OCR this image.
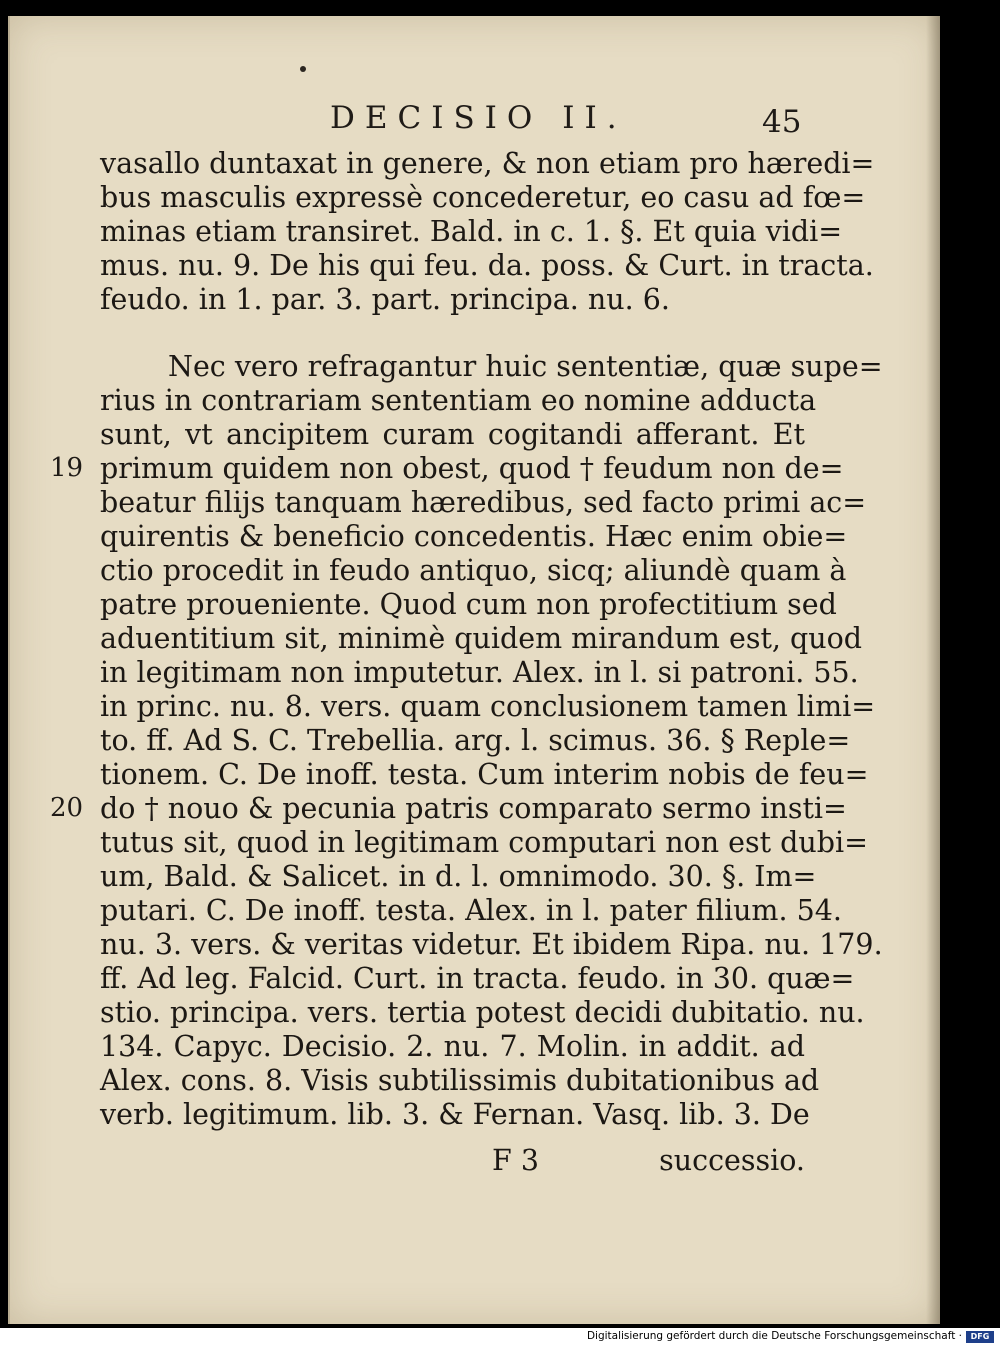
DECISIO II.	45
19
20
vasallo duntaxat in genere, & non etiam pro hæredi=
bus masculis expressè concederetur, eo casu ad fœ=
minas etiam transiret. Bald. in c. 1. §. Et quia vidi=
mus. nu. 9. De his qui feu. da. poss. & Curt. in tracta.
feudo. in 1. par. 3. part. principa. nu. 6.
Nec vero refragantur huic sententiæ, quæ supe=
rius in contrariam sententiam eo nomine adducta
sunt, vt ancipitem curam cogitandi afferant. Et
primum quidem non obest, quod † feudum non de=
beatur filijs tanquam hæredibus, sed facto primi ac=
quirentis & beneficio concedentis. Hæc enim obie=
ctio procedit in feudo antiquo, sicq; aliundè quam à
patre proueniente. Quod cum non profectitium sed
aduentitium sit, minimè quidem mirandum est, quod
in legitimam non imputetur. Alex. in l. si patroni. 55.
in princ. nu. 8. vers. quam conclusionem tamen limi=
to. ff. Ad S. C. Trebellia. arg. l. scimus. 36. § Reple=
tionem. C. De inoff. testa. Cum interim nobis de feu=
do † nouo & pecunia patris comparato sermo insti=
tutus sit, quod in legitimam computari non est dubi=
um, Bald. & Salicet. in d. l. omnimodo. 30. §. Im=
putari. C. De inoff. testa. Alex. in l. pater filium. 54.
nu. 3. vers. & veritas videtur. Et ibidem Ripa. nu. 179.
ff. Ad leg. Falcid. Curt. in tracta. feudo. in 30. quæ=
stio. principa. vers. tertia potest decidi dubitatio. nu.
134. Capyc. Decisio. 2. nu. 7. Molin. in addit. ad
Alex. cons. 8. Visis subtilissimis dubitationibus ad
verb. legitimum. lib. 3. & Fernan. Vasq. lib. 3. De
F 3	successio.
Digitalisierung gefördert durch die Deutsche Forschungsgemeinschaft ·	DFG
